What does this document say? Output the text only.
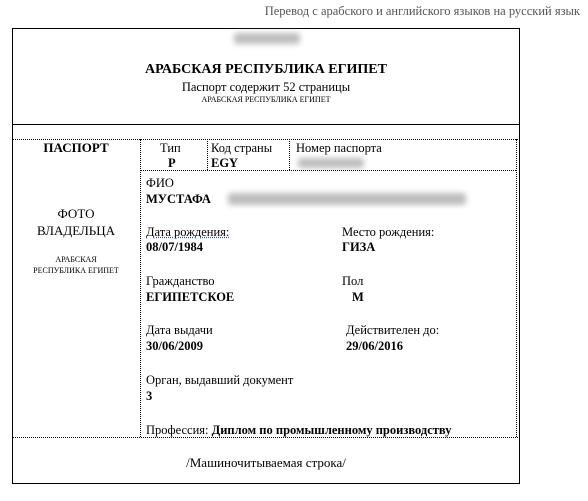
Перевод с арабского и английского языков на русский язык
АРАБСКАЯ РЕСПУБЛИКА ЕГИПЕТ
Паспорт содержит 52 страницы
АРАБСКАЯ РЕСПУБЛИКА ЕГИПЕТ
ПАСПОРТ
ФОТО
ВЛАДЕЛЬЦА
АРАБСКАЯ
РЕСПУБЛИКА ЕГИПЕТ
Тип
P
Код страны
EGY
Номер паспорта
ФИО
МУСТАФА
Дата рождения:
08/07/1984
Место рождения:
ГИЗА
Гражданство
ЕГИПЕТСКОЕ
Пол
М
Дата выдачи
30/06/2009
Действителен до:
29/06/2016
Орган, выдавший документ
3
Профессия: Диплом по промышленному производству
/Машиночитываемая строка/
